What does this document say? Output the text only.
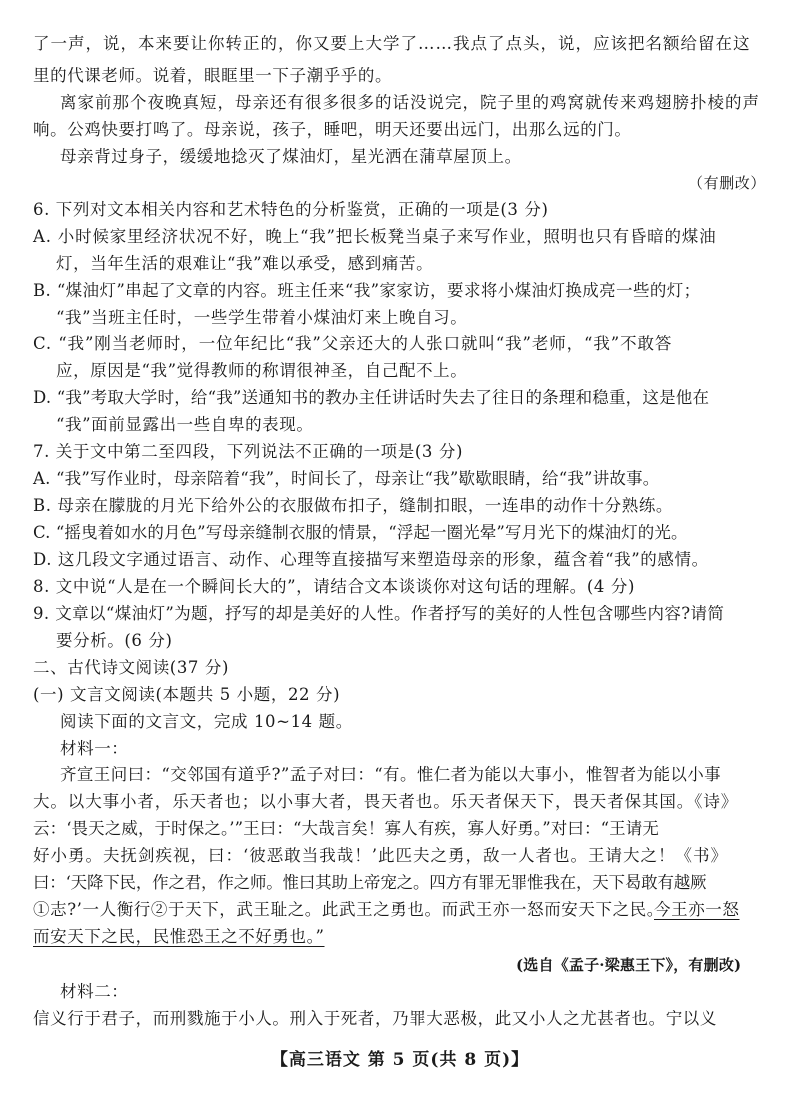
了一声，说，本来要让你转正的，你又要上大学了……我点了点头，说，应该把名额给留在这
里的代课老师。说着，眼眶里一下子潮乎乎的。
离家前那个夜晚真短，母亲还有很多很多的话没说完，院子里的鸡窝就传来鸡翅膀扑棱的声
响。公鸡快要打鸣了。母亲说，孩子，睡吧，明天还要出远门，出那么远的门。
母亲背过身子，缓缓地捻灭了煤油灯，星光洒在蒲草屋顶上。
（有删改）
6. 下列对文本相关内容和艺术特色的分析鉴赏，正确的一项是(3 分)
A. 小时候家里经济状况不好，晚上“我”把长板凳当桌子来写作业，照明也只有昏暗的煤油
灯，当年生活的艰难让“我”难以承受，感到痛苦。
B. “煤油灯”串起了文章的内容。班主任来“我”家家访，要求将小煤油灯换成亮一些的灯；
“我”当班主任时，一些学生带着小煤油灯来上晚自习。
C. “我”刚当老师时，一位年纪比“我”父亲还大的人张口就叫“我”老师，“我”不敢答
应，原因是“我”觉得教师的称谓很神圣，自己配不上。
D. “我”考取大学时，给“我”送通知书的教办主任讲话时失去了往日的条理和稳重，这是他在
“我”面前显露出一些自卑的表现。
7. 关于文中第二至四段，下列说法不正确的一项是(3 分)
A. “我”写作业时，母亲陪着“我”，时间长了，母亲让“我”歇歇眼睛，给“我”讲故事。
B. 母亲在朦胧的月光下给外公的衣服做布扣子，缝制扣眼，一连串的动作十分熟练。
C. “摇曳着如水的月色”写母亲缝制衣服的情景，“浮起一圈光晕”写月光下的煤油灯的光。
D. 这几段文字通过语言、动作、心理等直接描写来塑造母亲的形象，蕴含着“我”的感情。
8. 文中说“人是在一个瞬间长大的”，请结合文本谈谈你对这句话的理解。(4 分)
9. 文章以“煤油灯”为题，抒写的却是美好的人性。作者抒写的美好的人性包含哪些内容?请简
要分析。(6 分)
二、古代诗文阅读(37 分)
(一) 文言文阅读(本题共 5 小题，22 分)
阅读下面的文言文，完成 10~14 题。
材料一：
齐宣王问曰：“交邻国有道乎?”孟子对曰：“有。惟仁者为能以大事小，惟智者为能以小事
大。以大事小者，乐天者也；以小事大者，畏天者也。乐天者保天下，畏天者保其国。《诗》
云：‘畏天之威，于时保之。’”王曰：“大哉言矣！寡人有疾，寡人好勇。”对曰：“王请无
好小勇。夫抚剑疾视，曰：‘彼恶敢当我哉！’此匹夫之勇，敌一人者也。王请大之！《书》
曰：‘天降下民，作之君，作之师。惟曰其助上帝宠之。四方有罪无罪惟我在，天下曷敢有越厥
①志?’一人衡行②于天下，武王耻之。此武王之勇也。而武王亦一怒而安天下之民。
今王亦一怒
而安天下之民，民惟恐王之不好勇也。”
(选自《孟子·梁惠王下》，有删改)
材料二：
信义行于君子，而刑戮施于小人。刑入于死者，乃罪大恶极，此又小人之尤甚者也。宁以义
【高三语文 第 5 页(共 8 页)】
